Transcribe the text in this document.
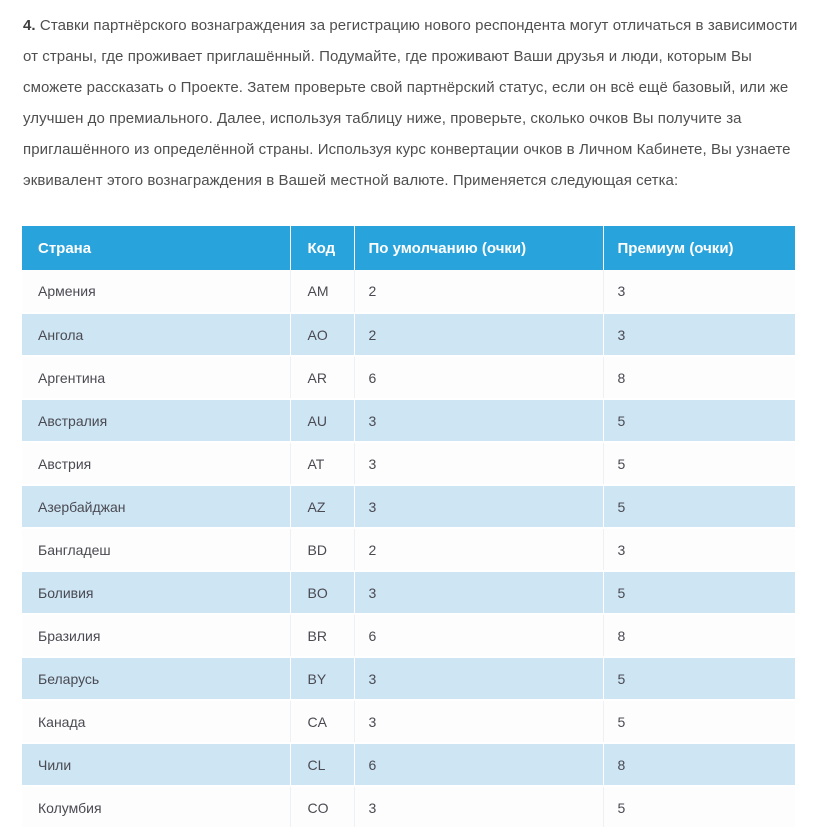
4. Ставки партнёрского вознаграждения за регистрацию нового респондента могут отличаться в зависимости от страны, где проживает приглашённый. Подумайте, где проживают Ваши друзья и люди, которым Вы сможете рассказать о Проекте. Затем проверьте свой партнёрский статус, если он всё ещё базовый, или же улучшен до премиального. Далее, используя таблицу ниже, проверьте, сколько очков Вы получите за приглашённого из определённой страны. Используя курс конвертации очков в Личном Кабинете, Вы узнаете эквивалент этого вознаграждения в Вашей местной валюте. Применяется следующая сетка:

Страна	Код	По умолчанию (очки)	Премиум (очки)
Армения	AM	2	3
Ангола	AO	2	3
Аргентина	AR	6	8
Австралия	AU	3	5
Австрия	AT	3	5
Азербайджан	AZ	3	5
Бангладеш	BD	2	3
Боливия	BO	3	5
Бразилия	BR	6	8
Беларусь	BY	3	5
Канада	CA	3	5
Чили	CL	6	8
Колумбия	CO	3	5
